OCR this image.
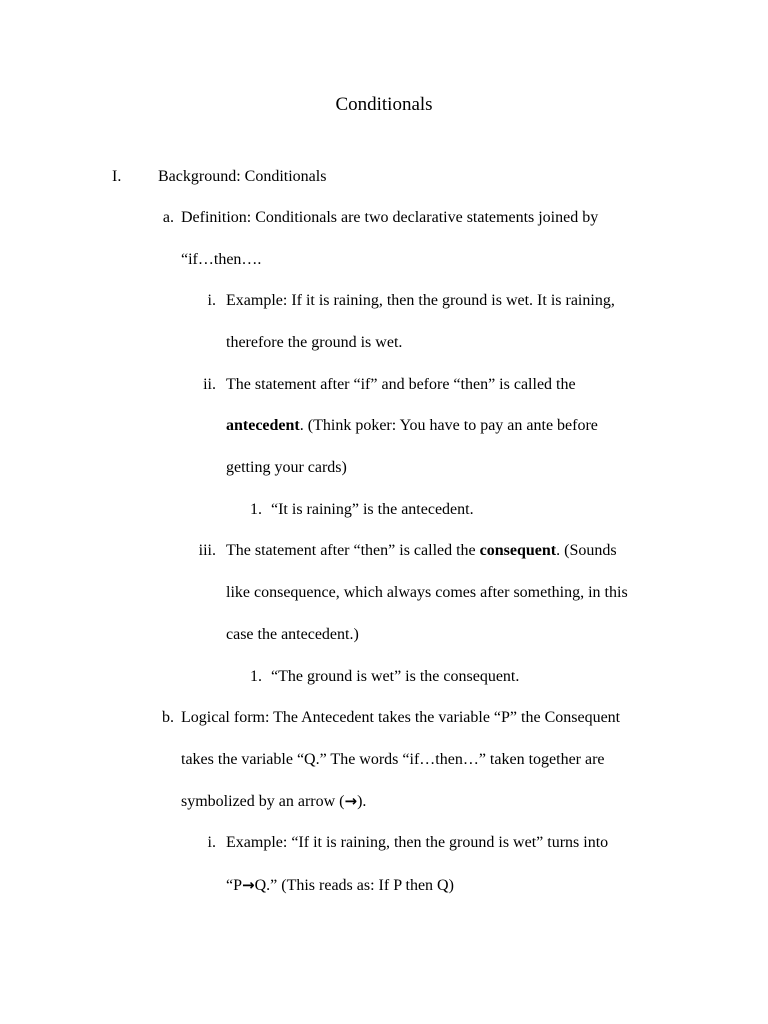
Conditionals
I. Background: Conditionals
a. Definition: Conditionals are two declarative statements joined by
“if…then….
i. Example: If it is raining, then the ground is wet. It is raining,
therefore the ground is wet.
ii. The statement after “if” and before “then” is called the
antecedent. (Think poker: You have to pay an ante before
getting your cards)
1. “It is raining” is the antecedent.
iii. The statement after “then” is called the consequent. (Sounds
like consequence, which always comes after something, in this
case the antecedent.)
1. “The ground is wet” is the consequent.
b. Logical form: The Antecedent takes the variable “P” the Consequent
takes the variable “Q.” The words “if…then…” taken together are
symbolized by an arrow (→).
i. Example: “If it is raining, then the ground is wet” turns into
“P→Q.” (This reads as: If P then Q)
